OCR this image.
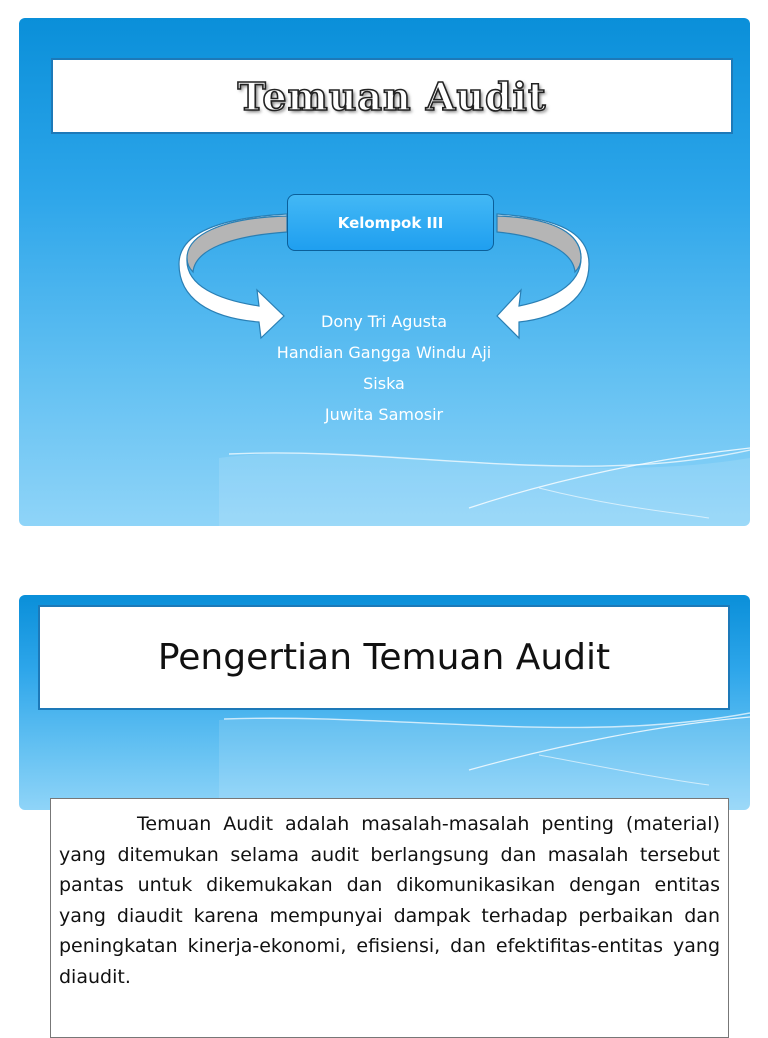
Temuan Audit
Kelompok III
Dony Tri Agusta
Handian Gangga Windu Aji
Siska
Juwita Samosir
Pengertian Temuan Audit

Temuan Audit adalah masalah-masalah penting (material) yang ditemukan selama audit berlangsung dan masalah tersebut pantas untuk dikemukakan dan dikomunikasikan dengan entitas yang diaudit karena mempunyai dampak terhadap perbaikan dan peningkatan kinerja-ekonomi, efisiensi, dan efektifitas-entitas yang diaudit.
